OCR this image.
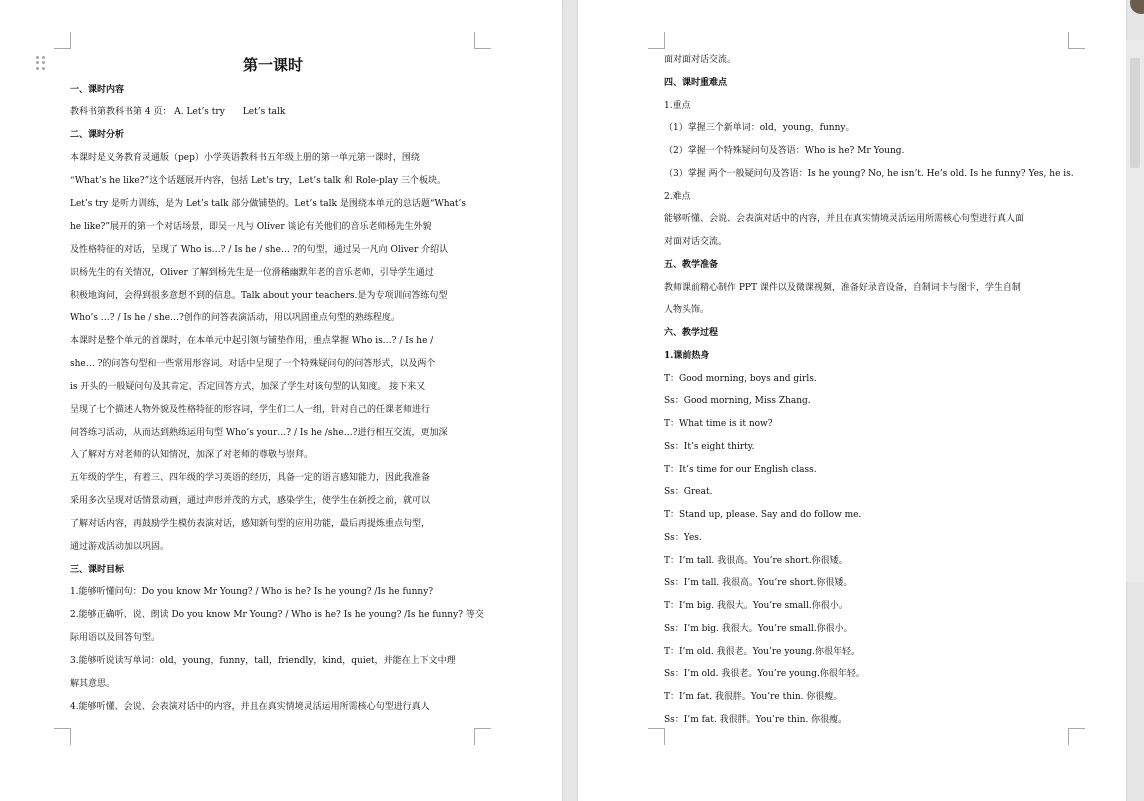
第一课时
一、课时内容
教科书第教科书第 4 页： A. Let’s try　　Let’s talk
二、课时分析
本课时是义务教育灵通版（pep）小学英语教科书五年级上册的第一单元第一课时，围绕
“What’s he like?”这个话题展开内容，包括 Let’s try，Let’s talk 和 Role-play 三个板块。
Let’s try 是听力训练，是为 Let’s talk 部分做铺垫的。Let’s talk 是围绕本单元的总话题“What’s
he like?”展开的第一个对话场景，即吴一凡与 Oliver 谈论有关他们的音乐老师杨先生外貌
及性格特征的对话，呈现了 Who is…? / Is he / she… ?的句型，通过吴一凡向 Oliver 介绍认
识杨先生的有关情况，Oliver 了解到杨先生是一位滑稽幽默年老的音乐老师，引导学生通过
积极地询问，会得到很多意想不到的信息。Talk about your teachers.是为专项训问答练句型
Who’s …? / Is he / she…?创作的问答表演活动，用以巩固重点句型的熟练程度。
本课时是整个单元的首课时，在本单元中起引领与铺垫作用，重点掌握 Who is…? / Is he /
she… ?的问答句型和一些常用形容词。对话中呈现了一个特殊疑问句的问答形式，以及两个
is 开头的一般疑问句及其肯定、否定回答方式，加深了学生对该句型的认知度。 接下来又
呈现了七个描述人物外貌及性格特征的形容词，学生们二人一组，针对自己的任课老师进行
问答练习活动，从而达到熟练运用句型 Who’s your…? / Is he /she…?进行相互交流，更加深
入了解对方对老师的认知情况，加深了对老师的尊敬与崇拜。
五年级的学生，有着三、四年级的学习英语的经历，具备一定的语言感知能力，因此我准备
采用多次呈现对话情景动画，通过声形并茂的方式，感染学生，使学生在新授之前，就可以
了解对话内容，再鼓励学生模仿表演对话，感知新句型的应用功能，最后再提炼重点句型，
通过游戏活动加以巩固。
三、课时目标
1.能够听懂问句：Do you know Mr Young? / Who is he? Is he young? /Is he funny?
2.能够正确听、说、朗读 Do you know Mr Young? / Who is he? Is he young? /Is he funny? 等交
际用语以及回答句型。
3.能够听说读写单词：old，young，funny，tall，friendly，kind，quiet，并能在上下文中理
解其意思。
4.能够听懂、会说、会表演对话中的内容，并且在真实情境灵活运用所需核心句型进行真人
面对面对话交流。
四、课时重难点
1.重点
（1）掌握三个新单词：old，young，funny。
（2）掌握一个特殊疑问句及答语：Who is he? Mr Young.
（3）掌握 两个一般疑问句及答语：Is he young? No, he isn’t. He’s old. Is he funny? Yes, he is.
2.难点
能够听懂、会说、会表演对话中的内容，并且在真实情境灵活运用所需核心句型进行真人面
对面对话交流。
五、教学准备
教师课前精心制作 PPT 课件以及微课视频，准备好录音设备，自制词卡与图卡，学生自制
人物头饰。
六、教学过程
1.课前热身
T：Good morning, boys and girls.
Ss：Good morning, Miss Zhang.
T：What time is it now?
Ss：It’s eight thirty.
T：It’s time for our English class.
Ss：Great.
T：Stand up, please. Say and do follow me.
Ss：Yes.
T：I’m tall. 我很高。You’re short.你很矮。
Ss：I’m tall. 我很高。You’re short.你很矮。
T：I’m big. 我很大。You’re small.你很小。
Ss：I’m big. 我很大。You’re small.你很小。
T：I’m old. 我很老。You’re young.你很年轻。
Ss：I’m old. 我很老。You’re young.你很年轻。
T：I’m fat. 我很胖。You’re thin. 你很瘦。
Ss：I’m fat. 我很胖。You’re thin. 你很瘦。
